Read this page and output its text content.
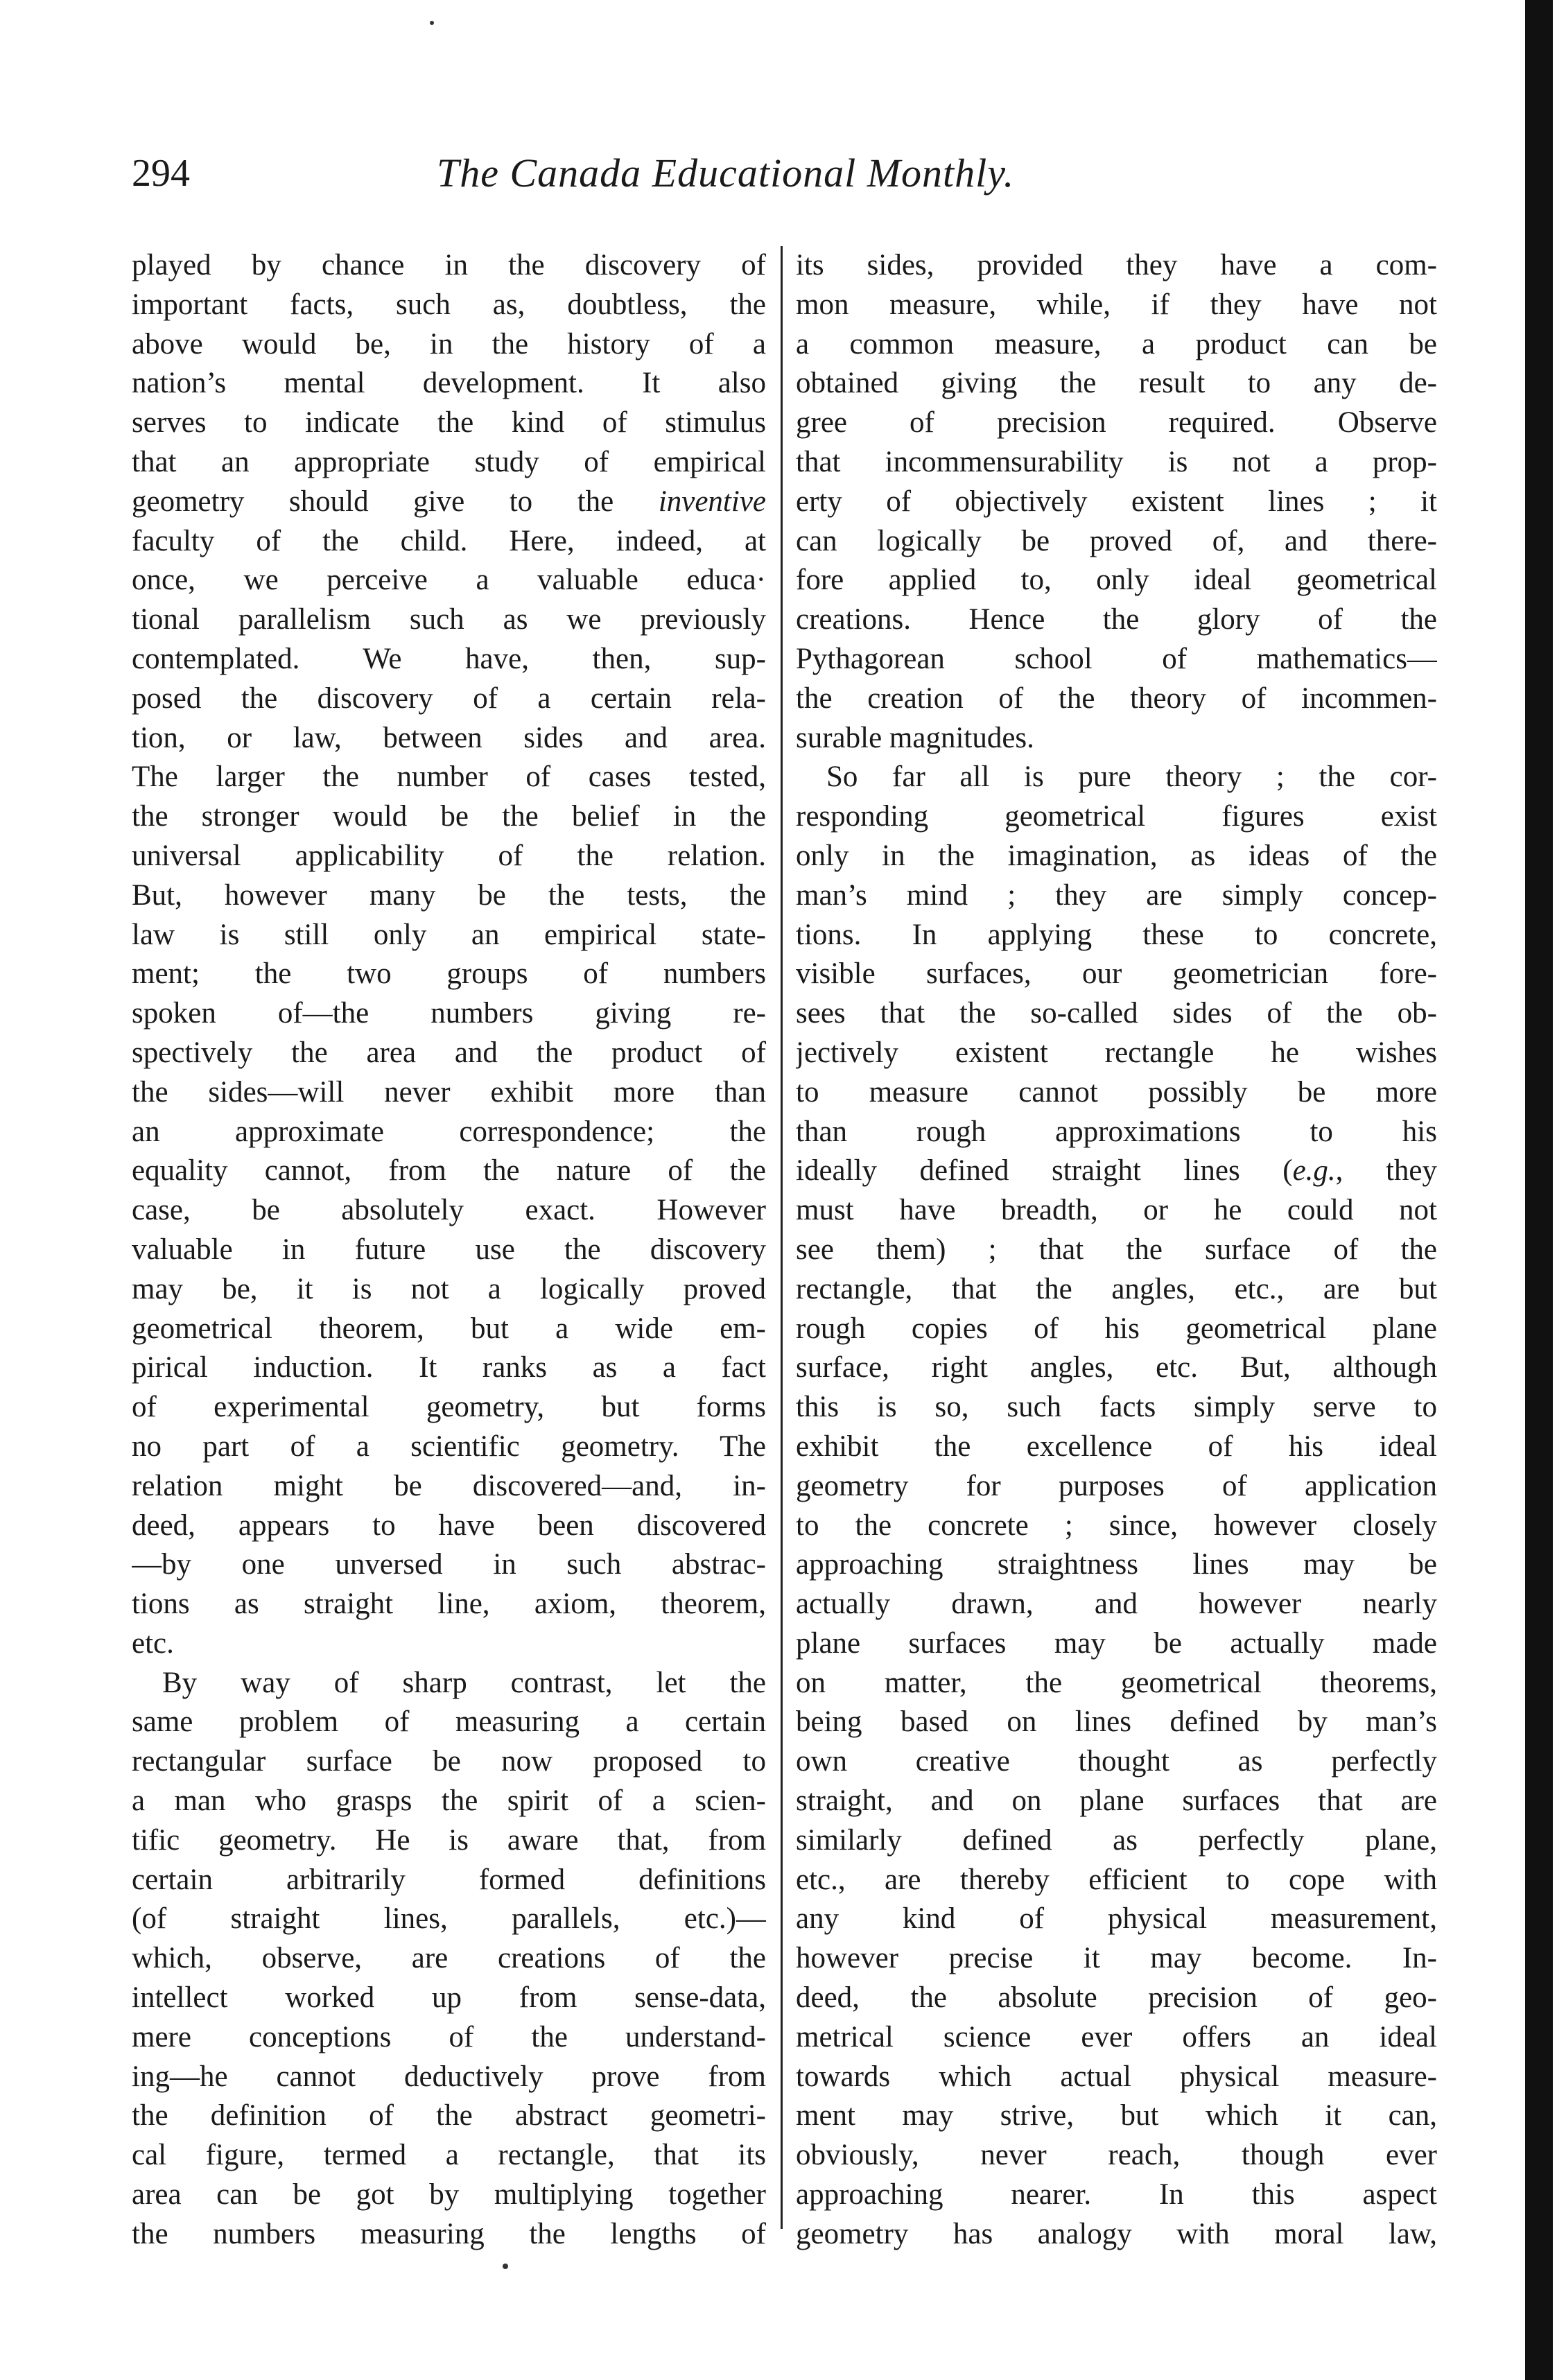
294	The Canada Educational Monthly.
played by chance in the discovery of
important facts, such as, doubtless, the
above would be, in the history of a
nation’s mental development. It also
serves to indicate the kind of stimulus
that an appropriate study of empirical
geometry should give to the inventive
faculty of the child. Here, indeed, at
once, we perceive a valuable educa·
tional parallelism such as we previously
contemplated. We have, then, sup-
posed the discovery of a certain rela-
tion, or law, between sides and area.
The larger the number of cases tested,
the stronger would be the belief in the
universal applicability of the relation.
But, however many be the tests, the
law is still only an empirical state-
ment; the two groups of numbers
spoken of—the numbers giving re-
spectively the area and the product of
the sides—will never exhibit more than
an approximate correspondence; the
equality cannot, from the nature of the
case, be absolutely exact. However
valuable in future use the discovery
may be, it is not a logically proved
geometrical theorem, but a wide em-
pirical induction. It ranks as a fact
of experimental geometry, but forms
no part of a scientific geometry. The
relation might be discovered—and, in-
deed, appears to have been discovered
—by one unversed in such abstrac-
tions as straight line, axiom, theorem,
etc.
By way of sharp contrast, let the
same problem of measuring a certain
rectangular surface be now proposed to
a man who grasps the spirit of a scien-
tific geometry. He is aware that, from
certain arbitrarily formed definitions
(of straight lines, parallels, etc.)—
which, observe, are creations of the
intellect worked up from sense-data,
mere conceptions of the understand-
ing—he cannot deductively prove from
the definition of the abstract geometri-
cal figure, termed a rectangle, that its
area can be got by multiplying together
the numbers measuring the lengths of
its sides, provided they have a com-
mon measure, while, if they have not
a common measure, a product can be
obtained giving the result to any de-
gree of precision required. Observe
that incommensurability is not a prop-
erty of objectively existent lines ; it
can logically be proved of, and there-
fore applied to, only ideal geometrical
creations. Hence the glory of the
Pythagorean school of mathematics—
the creation of the theory of incommen-
surable magnitudes.
So far all is pure theory ; the cor-
responding geometrical figures exist
only in the imagination, as ideas of the
man’s mind ; they are simply concep-
tions. In applying these to concrete,
visible surfaces, our geometrician fore-
sees that the so-called sides of the ob-
jectively existent rectangle he wishes
to measure cannot possibly be more
than rough approximations to his
ideally defined straight lines (e.g., they
must have breadth, or he could not
see them) ; that the surface of the
rectangle, that the angles, etc., are but
rough copies of his geometrical plane
surface, right angles, etc. But, although
this is so, such facts simply serve to
exhibit the excellence of his ideal
geometry for purposes of application
to the concrete ; since, however closely
approaching straightness lines may be
actually drawn, and however nearly
plane surfaces may be actually made
on matter, the geometrical theorems,
being based on lines defined by man’s
own creative thought as perfectly
straight, and on plane surfaces that are
similarly defined as perfectly plane,
etc., are thereby efficient to cope with
any kind of physical measurement,
however precise it may become. In-
deed, the absolute precision of geo-
metrical science ever offers an ideal
towards which actual physical measure-
ment may strive, but which it can,
obviously, never reach, though ever
approaching nearer. In this aspect
geometry has analogy with moral law,
